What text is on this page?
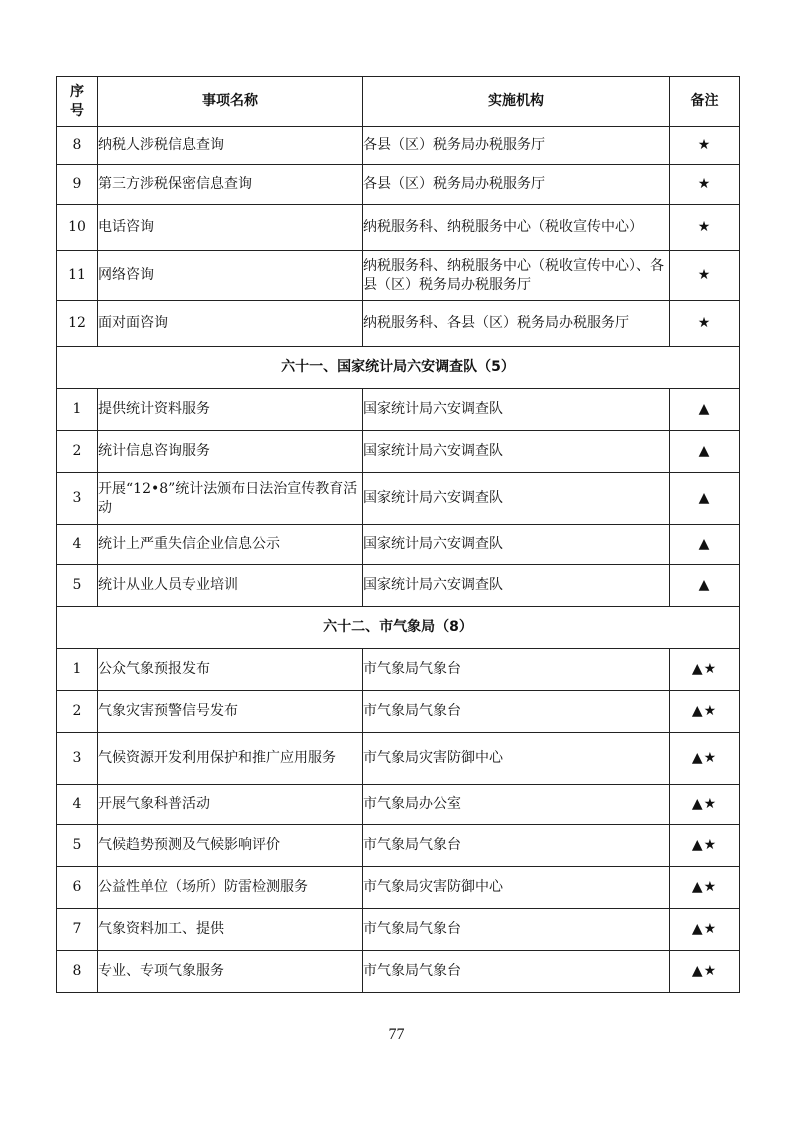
序号	事项名称	实施机构	备注
8	纳税人涉税信息查询	各县（区）税务局办税服务厅	★
9	第三方涉税保密信息查询	各县（区）税务局办税服务厅	★
10	电话咨询	纳税服务科、纳税服务中心（税收宣传中心）	★
11	网络咨询	纳税服务科、纳税服务中心（税收宣传中心）、各县（区）税务局办税服务厅	★
12	面对面咨询	纳税服务科、各县（区）税务局办税服务厅	★
六十一、国家统计局六安调查队（5）			
1	提供统计资料服务	国家统计局六安调查队	▲
2	统计信息咨询服务	国家统计局六安调查队	▲
3	开展“12•8”统计法颁布日法治宣传教育活动	国家统计局六安调查队	▲
4	统计上严重失信企业信息公示	国家统计局六安调查队	▲
5	统计从业人员专业培训	国家统计局六安调查队	▲
六十二、市气象局（8）			
1	公众气象预报发布	市气象局气象台	▲★
2	气象灾害预警信号发布	市气象局气象台	▲★
3	气候资源开发利用保护和推广应用服务	市气象局灾害防御中心	▲★
4	开展气象科普活动	市气象局办公室	▲★
5	气候趋势预测及气候影响评价	市气象局气象台	▲★
6	公益性单位（场所）防雷检测服务	市气象局灾害防御中心	▲★
7	气象资料加工、提供	市气象局气象台	▲★
8	专业、专项气象服务	市气象局气象台	▲★
77
